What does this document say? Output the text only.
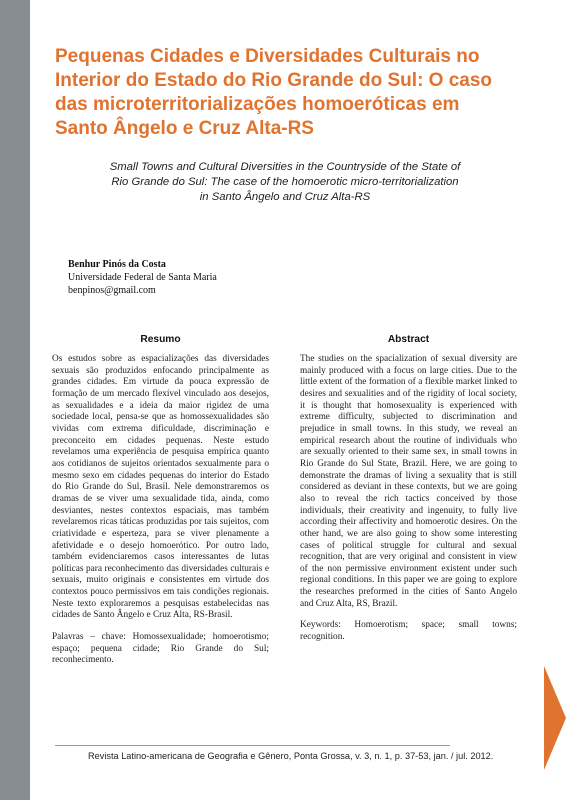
Pequenas Cidades e Diversidades Culturais no
Interior do Estado do Rio Grande do Sul: O caso
das microterritorializações homoeróticas em
Santo Ângelo e Cruz Alta-RS
Small Towns and Cultural Diversities in the Countryside of the State of
Rio Grande do Sul: The case of the homoerotic micro-territorialization
in Santo Ângelo and Cruz Alta-RS
Benhur Pinós da Costa
Universidade Federal de Santa Maria
benpinos@gmail.com
Resumo

Os estudos sobre as espacializações das diversidades sexuais são produzidos enfocando principalmente as grandes cidades. Em virtude da pouca expressão de formação de um mercado flexível vinculado aos desejos, as sexualidades e a ideia da maior rigidez de uma sociedade local, pensa-se que as homossexualidades são vividas com extrema dificuldade, discriminação e preconceito em cidades pequenas. Neste estudo revelamos uma experiência de pesquisa empírica quanto aos cotidianos de sujeitos orientados sexualmente para o mesmo sexo em cidades pequenas do interior do Estado do Rio Grande do Sul, Brasil. Nele demonstraremos os dramas de se viver uma sexualidade tida, ainda, como desviantes, nestes contextos espaciais, mas também revelaremos ricas táticas produzidas por tais sujeitos, com criatividade e esperteza, para se viver plenamente a afetividade e o desejo homoerótico. Por outro lado, também evidenciaremos casos interessantes de lutas políticas para reconhecimento das diversidades culturais e sexuais, muito originais e consistentes em virtude dos contextos pouco permissivos em tais condições regionais. Neste texto exploraremos a pesquisas estabelecidas nas cidades de Santo Ângelo e Cruz Alta, RS-Brasil.

Palavras – chave: Homossexualidade; homoerotismo; espaço; pequena cidade; Rio Grande do Sul; reconhecimento.

Abstract

The studies on the spacialization of sexual diversity are mainly produced with a focus on large cities. Due to the little extent of the formation of a flexible market linked to desires and sexualities and of the rigidity of local society, it is thought that homosexuality is experienced with extreme difficulty, subjected to discrimination and prejudice in small towns. In this study, we reveal an empirical research about the routine of individuals who are sexually oriented to their same sex, in small towns in Rio Grande do Sul State, Brazil. Here, we are going to demonstrate the dramas of living a sexuality that is still considered as deviant in these contexts, but we are going also to reveal the rich tactics conceived by those individuals, their creativity and ingenuity, to fully live according their affectivity and homoerotic desires. On the other hand, we are also going to show some interesting cases of political struggle for cultural and sexual recognition, that are very original and consistent in view of the non permissive environment existent under such regional conditions. In this paper we are going to explore the researches preformed in the cities of Santo Angelo and Cruz Alta, RS, Brazil.

Keywords: Homoerotism; space; small towns; recognition.

Revista Latino-americana de Geografia e Gênero, Ponta Grossa, v. 3, n. 1, p. 37-53, jan. / jul. 2012.
